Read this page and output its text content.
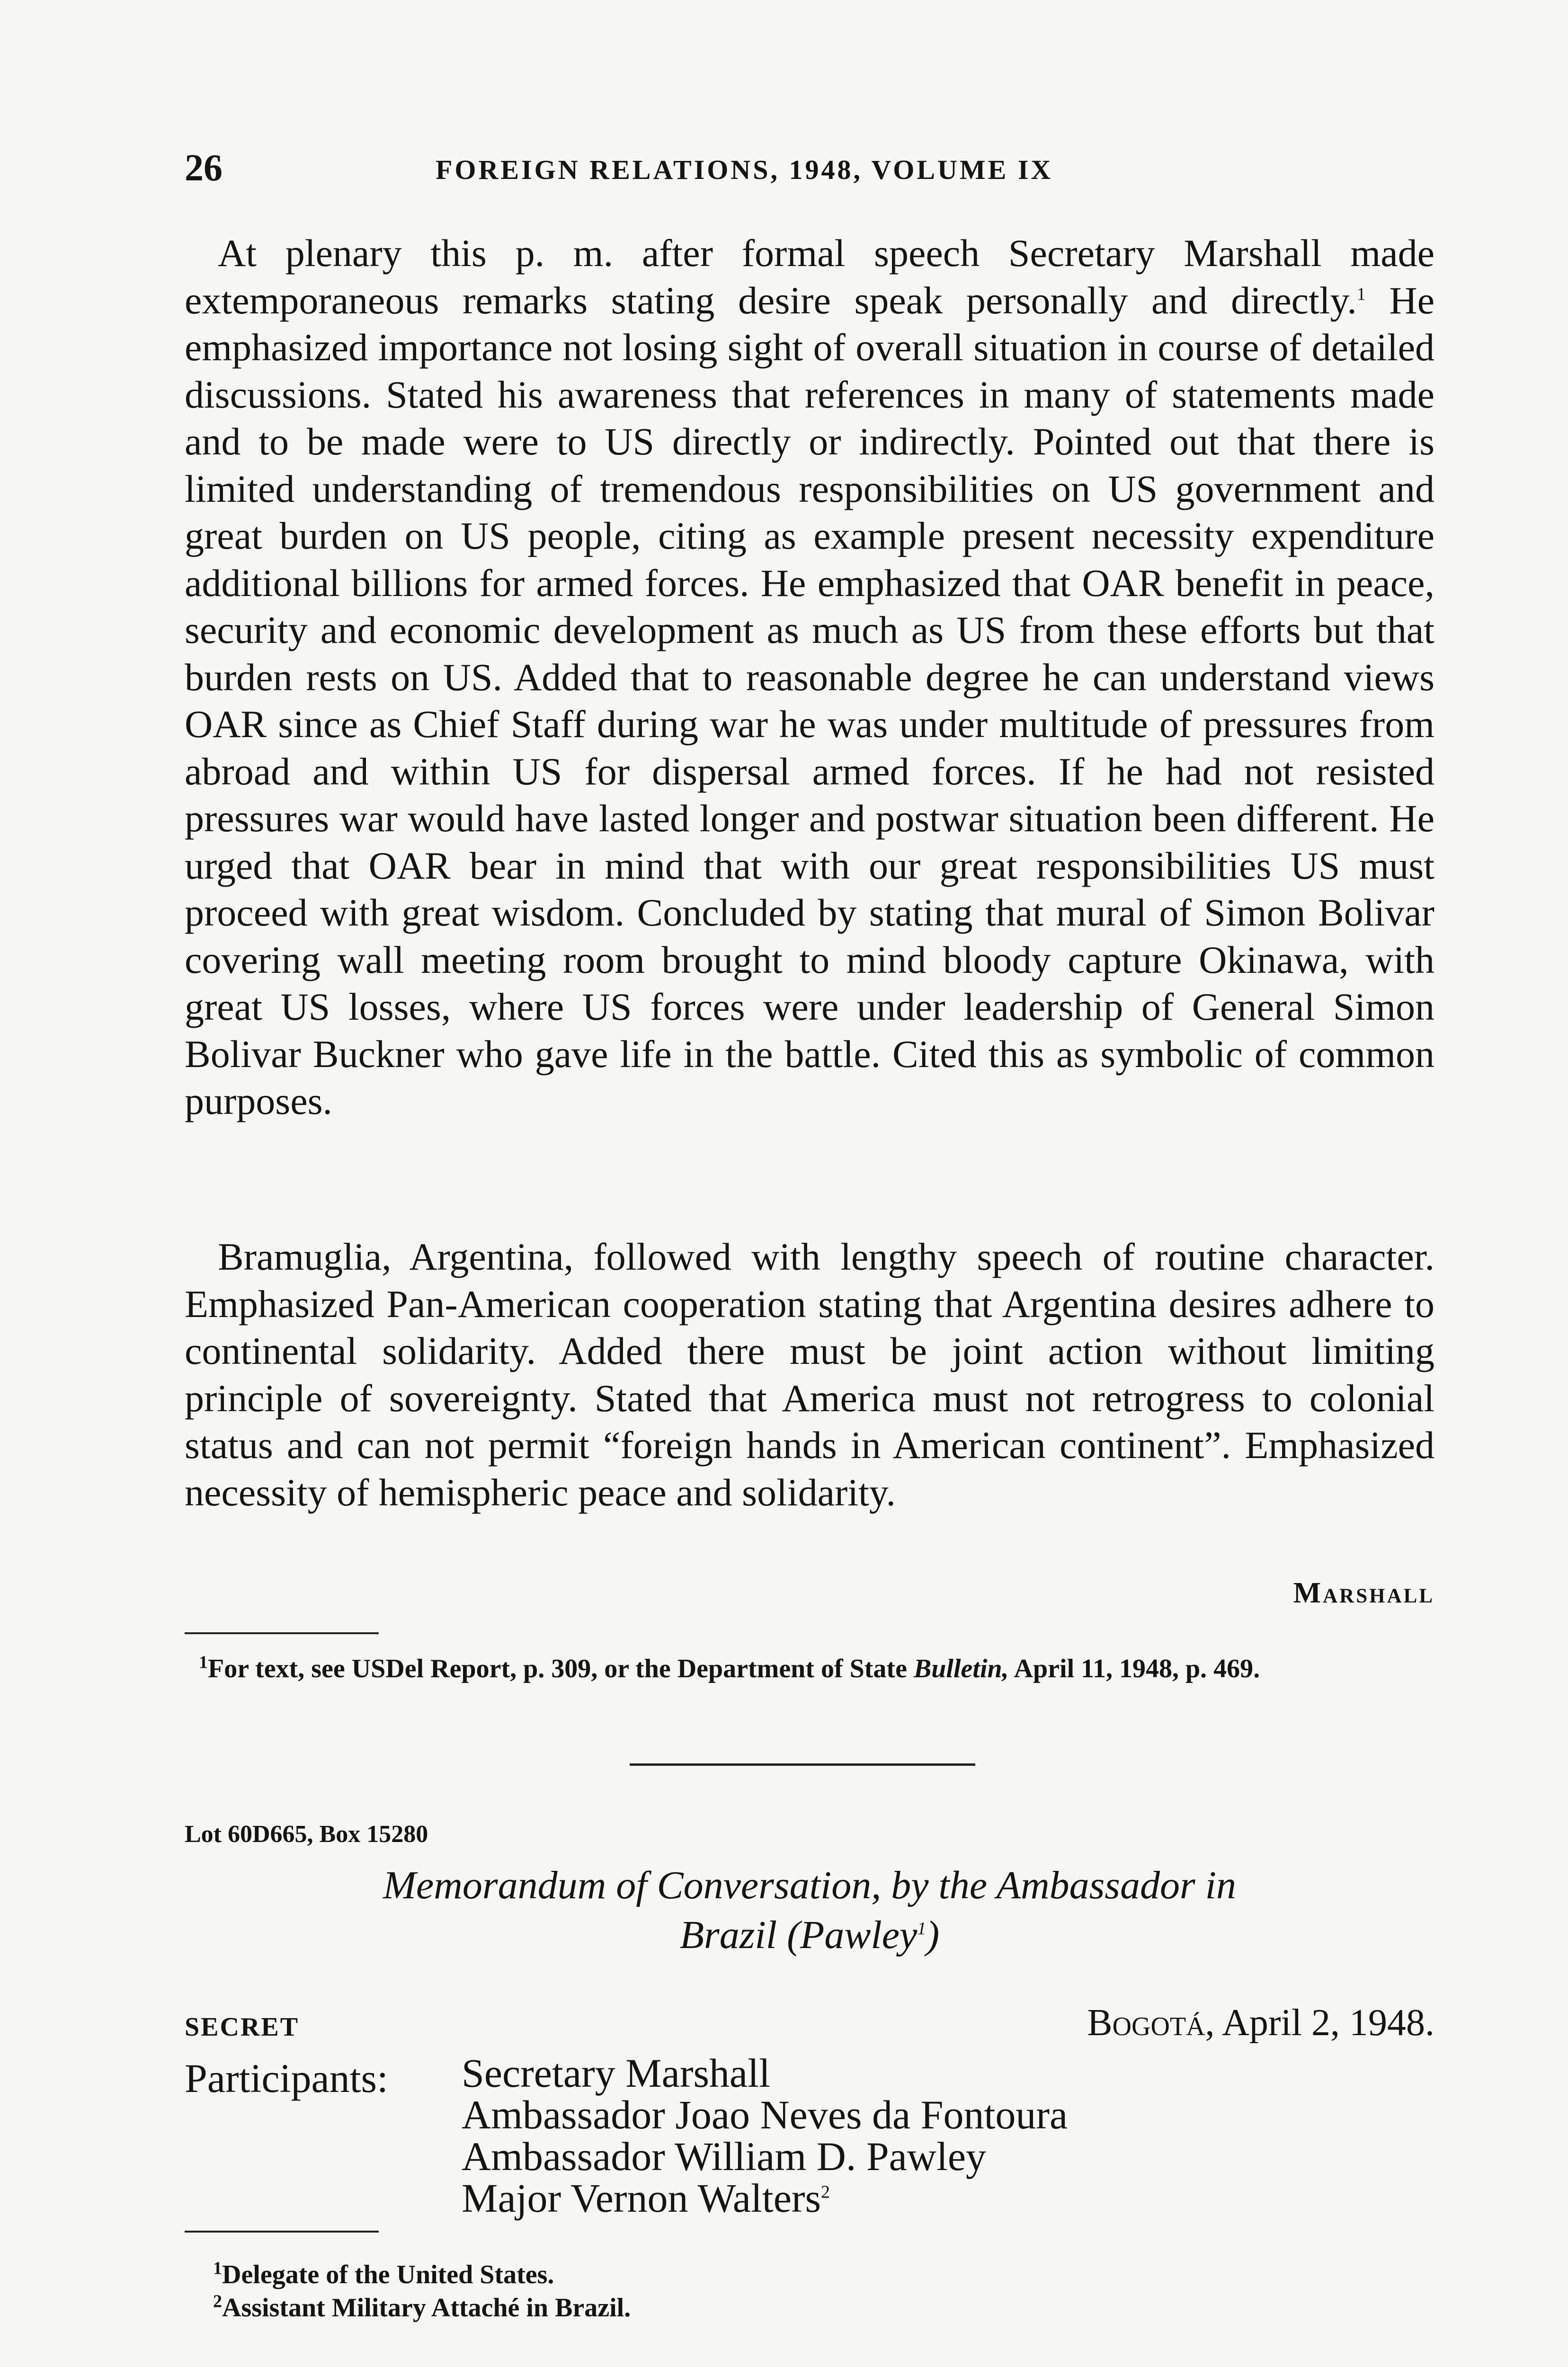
26	FOREIGN RELATIONS, 1948, VOLUME IX

At plenary this p. m. after formal speech Secretary Marshall made extemporaneous remarks stating desire speak personally and directly.$^1$ He emphasized importance not losing sight of overall situation in course of detailed discussions. Stated his awareness that references in many of statements made and to be made were to US directly or indirectly. Pointed out that there is limited understanding of tremendous responsibilities on US government and great burden on US people, citing as example present necessity expenditure additional billions for armed forces. He emphasized that OAR benefit in peace, security and economic development as much as US from these efforts but that burden rests on US. Added that to reasonable degree he can understand views OAR since as Chief Staff during war he was under multitude of pressures from abroad and within US for dispersal armed forces. If he had not resisted pressures war would have lasted longer and postwar situation been different. He urged that OAR bear in mind that with our great responsibilities US must proceed with great wisdom. Concluded by stating that mural of Simon Bolivar covering wall meeting room brought to mind bloody capture Okinawa, with great US losses, where US forces were under leadership of General Simon Bolivar Buckner who gave life in the battle. Cited this as symbolic of common purposes.

Bramuglia, Argentina, followed with lengthy speech of routine character. Emphasized Pan-American cooperation stating that Argentina desires adhere to continental solidarity. Added there must be joint action without limiting principle of sovereignty. Stated that America must not retrogress to colonial status and can not permit “foreign hands in American continent”. Emphasized necessity of hemispheric peace and solidarity.

Marshall

$^1$For text, see USDel Report, p. 309, or the Department of State Bulletin, April 11, 1948, p. 469.

Lot 60D665, Box 15280

Memorandum of Conversation, by the Ambassador in
Brazil (Pawley$^1$)

SECRET	Bogotá, April 2, 1948.
Participants: Secretary Marshall
Ambassador Joao Neves da Fontoura
Ambassador William D. Pawley
Major Vernon Walters$^2$
$^1$Delegate of the United States.
$^2$Assistant Military Attaché in Brazil.
